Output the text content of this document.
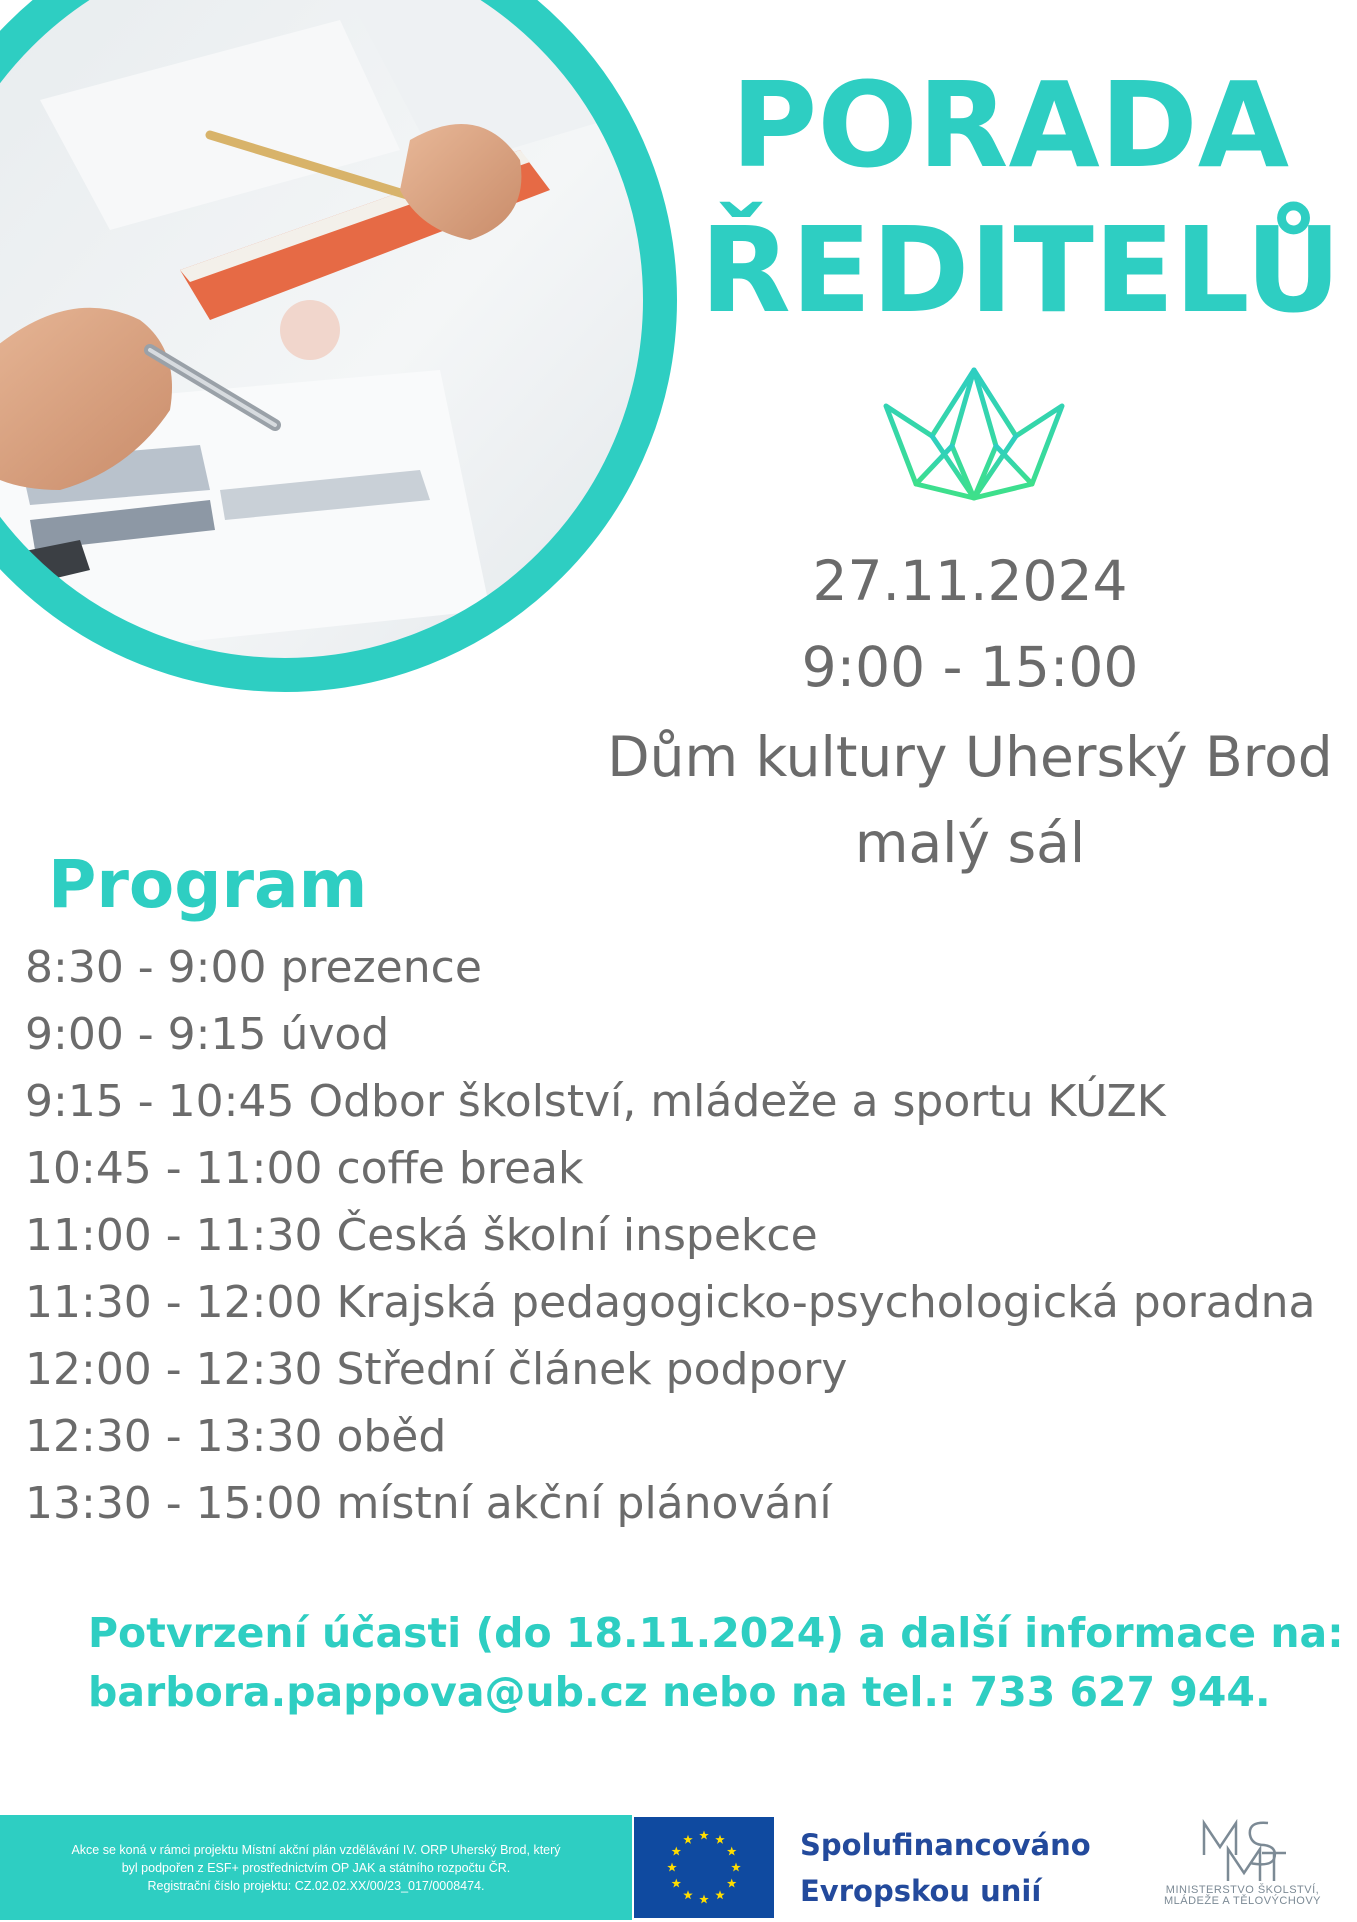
PORADA
ŘEDITELŮ
27.11.2024
9:00 - 15:00
Dům kultury Uherský Brod
malý sál
Program
8:30 - 9:00 prezence
9:00 - 9:15 úvod
9:15 - 10:45 Odbor školství, mládeže a sportu KÚZK
10:45 - 11:00 coffe break
11:00 - 11:30 Česká školní inspekce
11:30 - 12:00 Krajská pedagogicko-psychologická poradna
12:00 - 12:30 Střední článek podpory
12:30 - 13:30 oběd
13:30 - 15:00 místní akční plánování
Potvrzení účasti (do 18.11.2024) a další informace na:
barbora.pappova@ub.cz nebo na tel.: 733 627 944.

Akce se koná v rámci projektu Místní akční plán vzdělávání IV. ORP Uherský Brod, který
byl podpořen z ESF+ prostřednictvím OP JAK a státního rozpočtu ČR.
Registrační číslo projektu: CZ.02.02.XX/00/23_017/0008474.

Spolufinancováno
Evropskou unií	MINISTERSTVO ŠKOLSTVÍ,
MLÁDEŽE A TĚLOVÝCHOVY
